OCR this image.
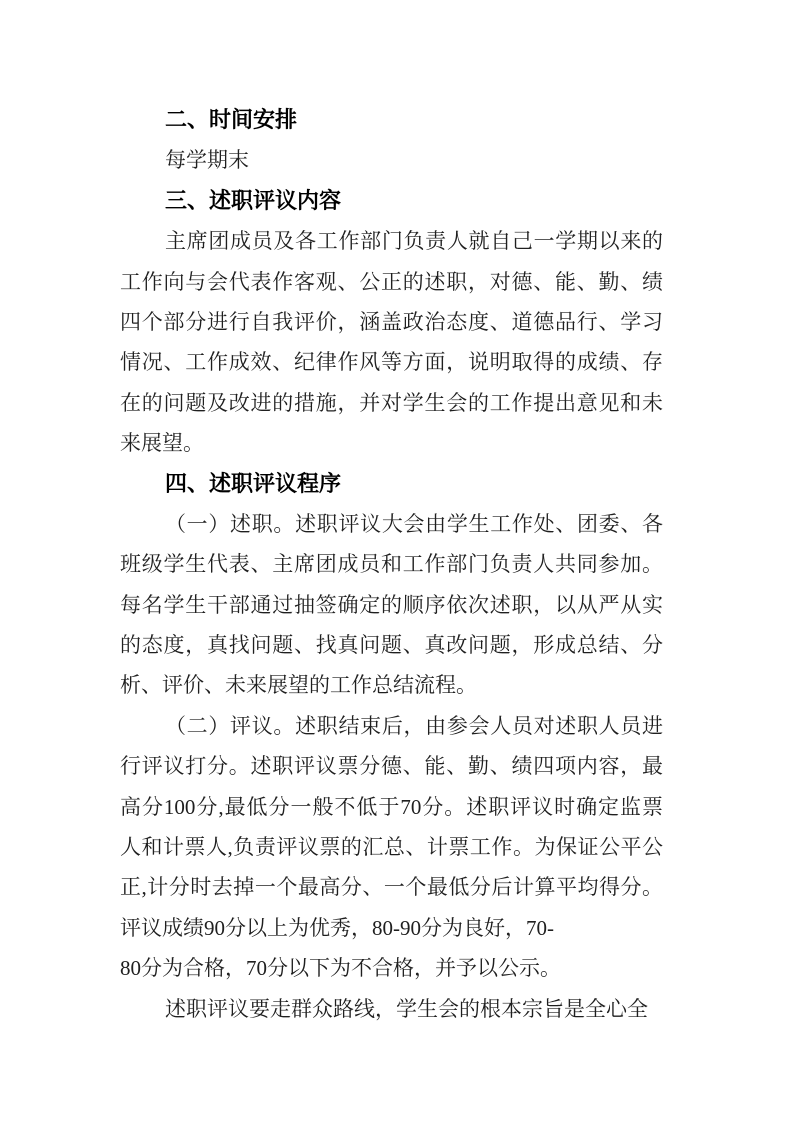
二、时间安排
每学期末
三、述职评议内容
主席团成员及各工作部门负责人就自己一学期以来的
工作向与会代表作客观、公正的述职，对德、能、勤、绩
四个部分进行自我评价，涵盖政治态度、道德品行、学习
情况、工作成效、纪律作风等方面，说明取得的成绩、存
在的问题及改进的措施，并对学生会的工作提出意见和未
来展望。
四、述职评议程序
（一）述职。述职评议大会由学生工作处、团委、各
班级学生代表、主席团成员和工作部门负责人共同参加。
每名学生干部通过抽签确定的顺序依次述职，以从严从实
的态度，真找问题、找真问题、真改问题，形成总结、分
析、评价、未来展望的工作总结流程。
（二）评议。述职结束后，由参会人员对述职人员进
行评议打分。述职评议票分德、能、勤、绩四项内容，最
高分100分,最低分一般不低于70分。述职评议时确定监票
人和计票人,负责评议票的汇总、计票工作。为保证公平公
正,计分时去掉一个最高分、一个最低分后计算平均得分。
评议成绩90分以上为优秀，80-90分为良好，70-
80分为合格，70分以下为不合格，并予以公示。
述职评议要走群众路线，学生会的根本宗旨是全心全
